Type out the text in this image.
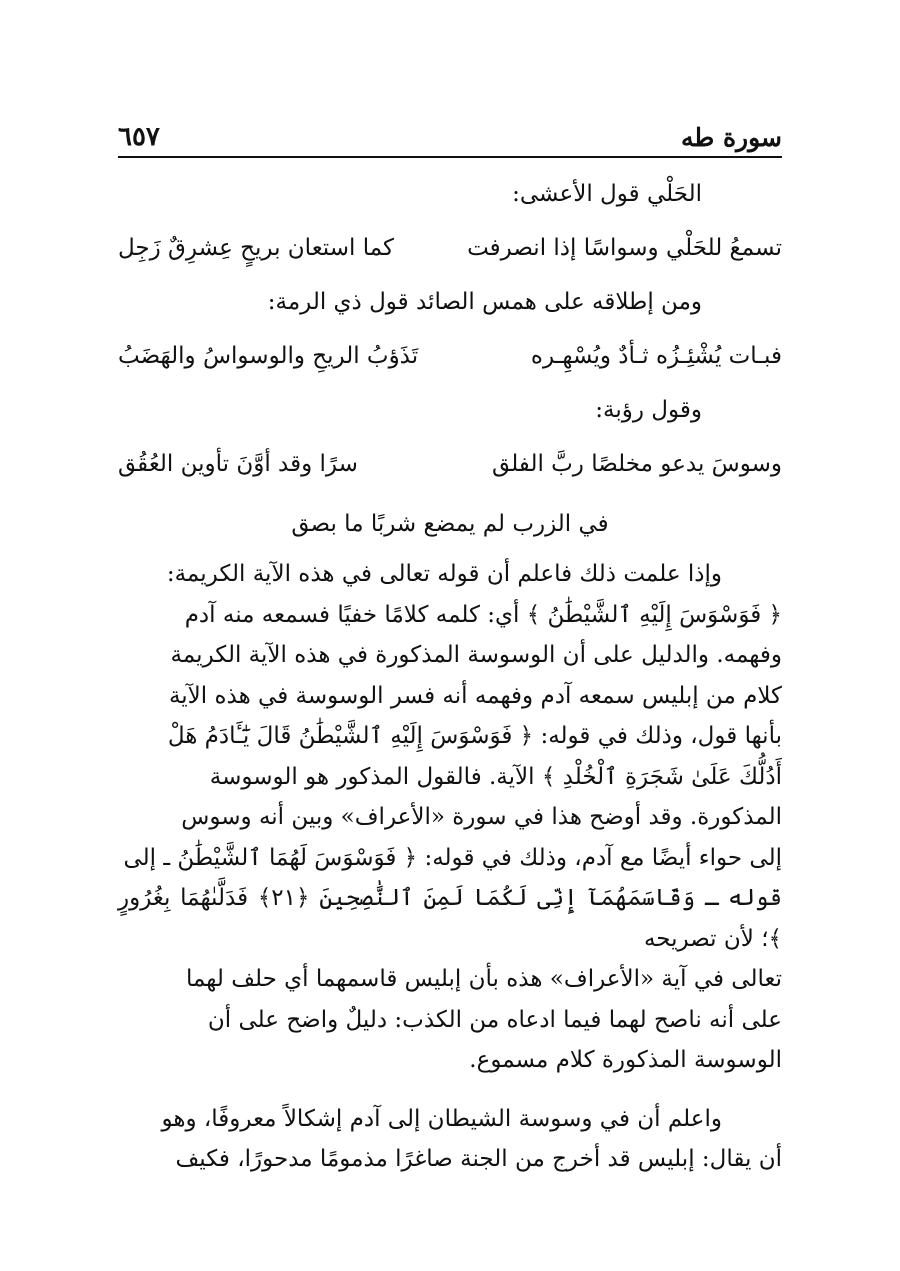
سورة طه
٦٥٧
الحَلْي قول الأعشى:
تسمعُ للحَلْي وسواسًا إذا انصرفت
كما استعان بريحٍ عِشرِقٌ زَجِل
ومن إطلاقه على همس الصائد قول ذي الرمة:
فبـات يُشْئِـزُه ثـأدٌ ويُسْهِـره
تَذَؤبُ الريحِ والوسواسُ والهَضَبُ
وقول رؤبة:
وسوسَ يدعو مخلصًا ربَّ الفلق
سرًا وقد أوَّنَ تأوين العُقُق
في الزرب لم يمضع شربًا ما بصق
وإذا علمت ذلك فاعلم أن قوله تعالى في هذه الآية الكريمة:
﴿ فَوَسْوَسَ إِلَيْهِ ٱلشَّيْطَٰنُ ﴾ أي: كلمه كلامًا خفيًا فسمعه منه آدم
وفهمه. والدليل على أن الوسوسة المذكورة في هذه الآية الكريمة
كلام من إبليس سمعه آدم وفهمه أنه فسر الوسوسة في هذه الآية
بأنها قول، وذلك في قوله: ﴿ فَوَسْوَسَ إِلَيْهِ ٱلشَّيْطَٰنُ قَالَ يَٰٓـَٔادَمُ هَلْ
أَدُلُّكَ عَلَىٰ شَجَرَةِ ٱلْخُلْدِ ﴾ الآية. فالقول المذكور هو الوسوسة
المذكورة. وقد أوضح هذا في سورة «الأعراف» وبين أنه وسوس
إلى حواء أيضًا مع آدم، وذلك في قوله: ﴿ فَوَسْوَسَ لَهُمَا ٱلشَّيْطَٰنُ ـ إلى
قوله ـ وَقَاسَمَهُمَآ إِنِّى لَكُمَا لَمِنَ ٱلنَّٰصِحِينَ ﴿٢١﴾ فَدَلَّىٰهُمَا بِغُرُورٍ ﴾؛ لأن تصريحه
تعالى في آية «الأعراف» هذه بأن إبليس قاسمهما أي حلف لهما
على أنه ناصح لهما فيما ادعاه من الكذب: دليلٌ واضح على أن
الوسوسة المذكورة كلام مسموع.
واعلم أن في وسوسة الشيطان إلى آدم إشكالاً معروفًا، وهو
أن يقال: إبليس قد أخرج من الجنة صاغرًا مذمومًا مدحورًا، فكيف
